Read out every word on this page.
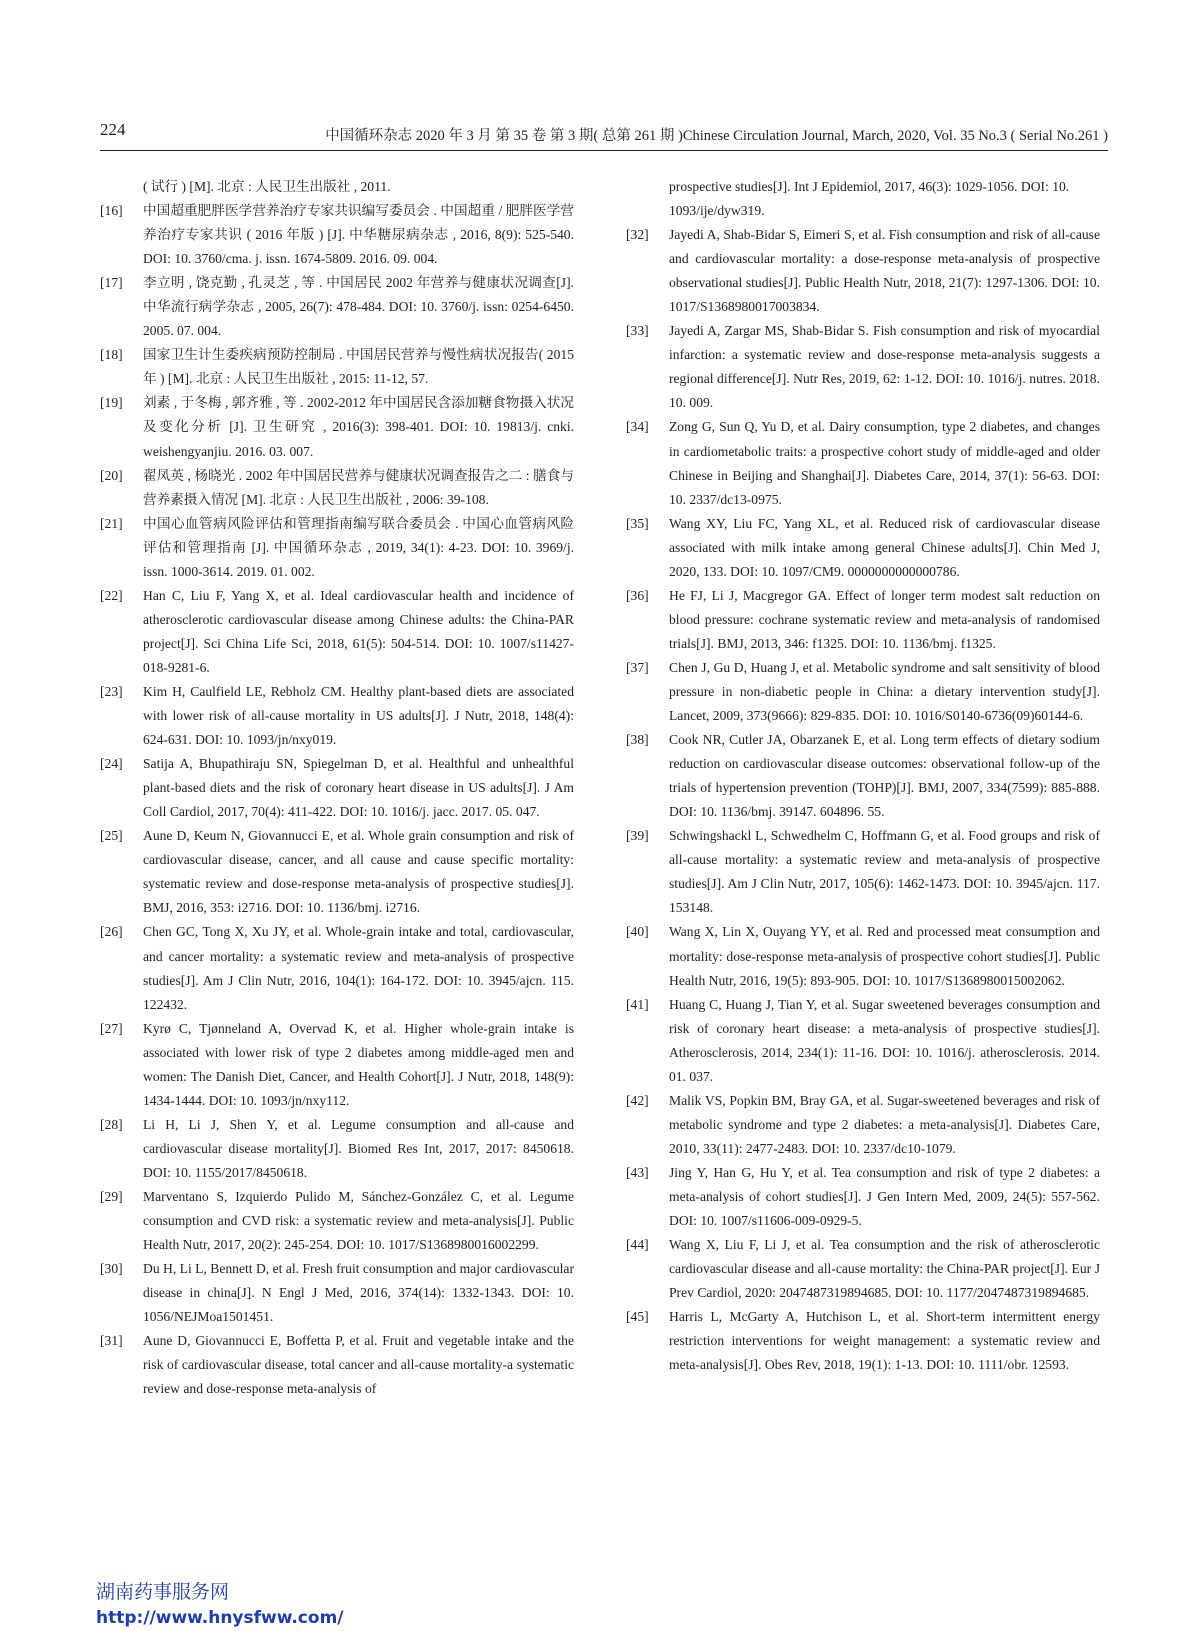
224	中国循环杂志 2020 年 3 月 第 35 卷 第 3 期( 总第 261 期 )Chinese Circulation Journal, March, 2020, Vol. 35 No.3 ( Serial No.261 )
( 试行 ) [M]. 北京 : 人民卫生出版社 , 2011.
[16] 中国超重肥胖医学营养治疗专家共识编写委员会 . 中国超重 / 肥胖医学营养治疗专家共识 ( 2016 年版 ) [J]. 中华糖尿病杂志 , 2016, 8(9): 525-540. DOI: 10. 3760/cma. j. issn. 1674-5809. 2016. 09. 004.
[17] 李立明 , 饶克勤 , 孔灵芝 , 等 . 中国居民 2002 年营养与健康状况调查[J]. 中华流行病学杂志 , 2005, 26(7): 478-484. DOI: 10. 3760/j. issn: 0254-6450. 2005. 07. 004.
[18] 国家卫生计生委疾病预防控制局 . 中国居民营养与慢性病状况报告( 2015 年 ) [M]. 北京 : 人民卫生出版社 , 2015: 11-12, 57.
[19] 刘素 , 于冬梅 , 郭齐雅 , 等 . 2002-2012 年中国居民含添加糖食物摄入状况及变化分析 [J]. 卫生研究 , 2016(3): 398-401. DOI: 10. 19813/j. cnki. weishengyanjiu. 2016. 03. 007.
[20] 翟凤英 , 杨晓光 . 2002 年中国居民营养与健康状况调查报告之二 : 膳食与营养素摄入情况 [M]. 北京 : 人民卫生出版社 , 2006: 39-108.
[21] 中国心血管病风险评估和管理指南编写联合委员会 . 中国心血管病风险评估和管理指南 [J]. 中国循环杂志 , 2019, 34(1): 4-23. DOI: 10. 3969/j. issn. 1000-3614. 2019. 01. 002.
[22] Han C, Liu F, Yang X, et al. Ideal cardiovascular health and incidence of atherosclerotic cardiovascular disease among Chinese adults: the China-PAR project[J]. Sci China Life Sci, 2018, 61(5): 504-514. DOI: 10. 1007/s11427-018-9281-6.
[23] Kim H, Caulfield LE, Rebholz CM. Healthy plant-based diets are associated with lower risk of all-cause mortality in US adults[J]. J Nutr, 2018, 148(4): 624-631. DOI: 10. 1093/jn/nxy019.
[24] Satija A, Bhupathiraju SN, Spiegelman D, et al. Healthful and unhealthful plant-based diets and the risk of coronary heart disease in US adults[J]. J Am Coll Cardiol, 2017, 70(4): 411-422. DOI: 10. 1016/j. jacc. 2017. 05. 047.
[25] Aune D, Keum N, Giovannucci E, et al. Whole grain consumption and risk of cardiovascular disease, cancer, and all cause and cause specific mortality: systematic review and dose-response meta-analysis of prospective studies[J]. BMJ, 2016, 353: i2716. DOI: 10. 1136/bmj. i2716.
[26] Chen GC, Tong X, Xu JY, et al. Whole-grain intake and total, cardiovascular, and cancer mortality: a systematic review and meta-analysis of prospective studies[J]. Am J Clin Nutr, 2016, 104(1): 164-172. DOI: 10. 3945/ajcn. 115. 122432.
[27] Kyrø C, Tjønneland A, Overvad K, et al. Higher whole-grain intake is associated with lower risk of type 2 diabetes among middle-aged men and women: The Danish Diet, Cancer, and Health Cohort[J]. J Nutr, 2018, 148(9): 1434-1444. DOI: 10. 1093/jn/nxy112.
[28] Li H, Li J, Shen Y, et al. Legume consumption and all-cause and cardiovascular disease mortality[J]. Biomed Res Int, 2017, 2017: 8450618. DOI: 10. 1155/2017/8450618.
[29] Marventano S, Izquierdo Pulido M, Sánchez-González C, et al. Legume consumption and CVD risk: a systematic review and meta-analysis[J]. Public Health Nutr, 2017, 20(2): 245-254. DOI: 10. 1017/S1368980016002299.
[30] Du H, Li L, Bennett D, et al. Fresh fruit consumption and major cardiovascular disease in china[J]. N Engl J Med, 2016, 374(14): 1332-1343. DOI: 10. 1056/NEJMoa1501451.
[31] Aune D, Giovannucci E, Boffetta P, et al. Fruit and vegetable intake and the risk of cardiovascular disease, total cancer and all-cause mortality-a systematic review and dose-response meta-analysis of
prospective studies[J]. Int J Epidemiol, 2017, 46(3): 1029-1056. DOI: 10. 1093/ije/dyw319.
[32] Jayedi A, Shab-Bidar S, Eimeri S, et al. Fish consumption and risk of all-cause and cardiovascular mortality: a dose-response meta-analysis of prospective observational studies[J]. Public Health Nutr, 2018, 21(7): 1297-1306. DOI: 10. 1017/S1368980017003834.
[33] Jayedi A, Zargar MS, Shab-Bidar S. Fish consumption and risk of myocardial infarction: a systematic review and dose-response meta-analysis suggests a regional difference[J]. Nutr Res, 2019, 62: 1-12. DOI: 10. 1016/j. nutres. 2018. 10. 009.
[34] Zong G, Sun Q, Yu D, et al. Dairy consumption, type 2 diabetes, and changes in cardiometabolic traits: a prospective cohort study of middle-aged and older Chinese in Beijing and Shanghai[J]. Diabetes Care, 2014, 37(1): 56-63. DOI: 10. 2337/dc13-0975.
[35] Wang XY, Liu FC, Yang XL, et al. Reduced risk of cardiovascular disease associated with milk intake among general Chinese adults[J]. Chin Med J, 2020, 133. DOI: 10. 1097/CM9. 0000000000000786.
[36] He FJ, Li J, Macgregor GA. Effect of longer term modest salt reduction on blood pressure: cochrane systematic review and meta-analysis of randomised trials[J]. BMJ, 2013, 346: f1325. DOI: 10. 1136/bmj. f1325.
[37] Chen J, Gu D, Huang J, et al. Metabolic syndrome and salt sensitivity of blood pressure in non-diabetic people in China: a dietary intervention study[J]. Lancet, 2009, 373(9666): 829-835. DOI: 10. 1016/S0140-6736(09)60144-6.
[38] Cook NR, Cutler JA, Obarzanek E, et al. Long term effects of dietary sodium reduction on cardiovascular disease outcomes: observational follow-up of the trials of hypertension prevention (TOHP)[J]. BMJ, 2007, 334(7599): 885-888. DOI: 10. 1136/bmj. 39147. 604896. 55.
[39] Schwingshackl L, Schwedhelm C, Hoffmann G, et al. Food groups and risk of all-cause mortality: a systematic review and meta-analysis of prospective studies[J]. Am J Clin Nutr, 2017, 105(6): 1462-1473. DOI: 10. 3945/ajcn. 117. 153148.
[40] Wang X, Lin X, Ouyang YY, et al. Red and processed meat consumption and mortality: dose-response meta-analysis of prospective cohort studies[J]. Public Health Nutr, 2016, 19(5): 893-905. DOI: 10. 1017/S1368980015002062.
[41] Huang C, Huang J, Tian Y, et al. Sugar sweetened beverages consumption and risk of coronary heart disease: a meta-analysis of prospective studies[J]. Atherosclerosis, 2014, 234(1): 11-16. DOI: 10. 1016/j. atherosclerosis. 2014. 01. 037.
[42] Malik VS, Popkin BM, Bray GA, et al. Sugar-sweetened beverages and risk of metabolic syndrome and type 2 diabetes: a meta-analysis[J]. Diabetes Care, 2010, 33(11): 2477-2483. DOI: 10. 2337/dc10-1079.
[43] Jing Y, Han G, Hu Y, et al. Tea consumption and risk of type 2 diabetes: a meta-analysis of cohort studies[J]. J Gen Intern Med, 2009, 24(5): 557-562. DOI: 10. 1007/s11606-009-0929-5.
[44] Wang X, Liu F, Li J, et al. Tea consumption and the risk of atherosclerotic cardiovascular disease and all-cause mortality: the China-PAR project[J]. Eur J Prev Cardiol, 2020: 2047487319894685. DOI: 10. 1177/2047487319894685.
[45] Harris L, McGarty A, Hutchison L, et al. Short-term intermittent energy restriction interventions for weight management: a systematic review and meta-analysis[J]. Obes Rev, 2018, 19(1): 1-13. DOI: 10. 1111/obr. 12593.
湖南药事服务网
http://www.hnysfww.com/
